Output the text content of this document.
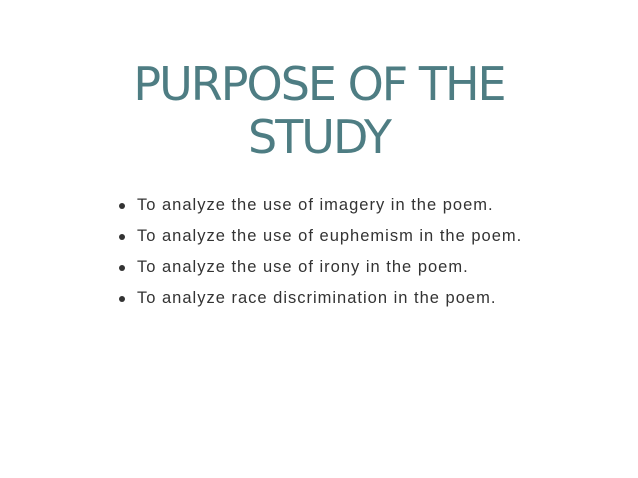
PURPOSE OF THE
STUDY
To analyze the use of imagery in the poem.
To analyze the use of euphemism in the poem.
To analyze the use of irony in the poem.
To analyze race discrimination in the poem.
